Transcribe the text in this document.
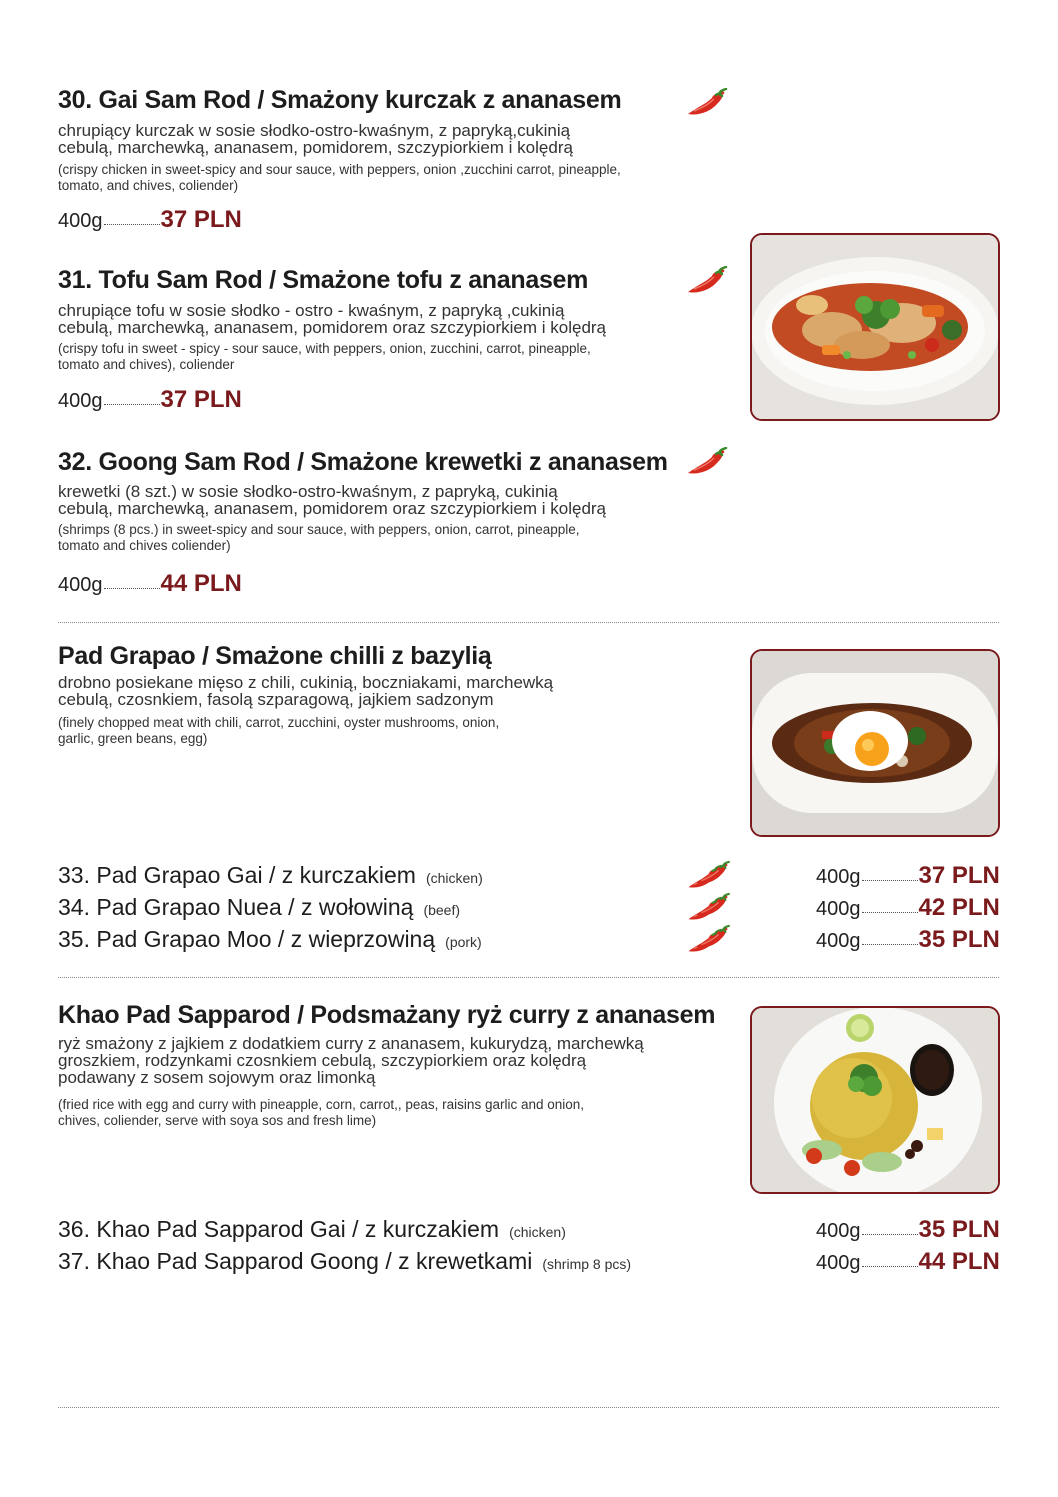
30. Gai Sam Rod / Smażony kurczak z ananasem
chrupiący kurczak w sosie słodko-ostro-kwaśnym, z papryką,cukinią
cebulą, marchewką, ananasem, pomidorem, szczypiorkiem i kolędrą
(crispy chicken in sweet-spicy and sour sauce, with peppers, onion ,zucchini carrot, pineapple,
tomato, and chives, coliender)
400g 37 PLN
31. Tofu Sam Rod / Smażone tofu z ananasem
chrupiące tofu w sosie słodko - ostro - kwaśnym, z papryką ,cukinią
cebulą, marchewką, ananasem, pomidorem oraz szczypiorkiem i kolędrą
(crispy tofu in sweet - spicy - sour sauce, with peppers, onion, zucchini, carrot, pineapple,
tomato and chives), coliender
400g 37 PLN
32. Goong Sam Rod / Smażone krewetki z ananasem
krewetki (8 szt.) w sosie słodko-ostro-kwaśnym, z papryką, cukinią
cebulą, marchewką, ananasem, pomidorem oraz szczypiorkiem i kolędrą
(shrimps (8 pcs.) in sweet-spicy and sour sauce, with peppers, onion, carrot, pineapple,
tomato and chives coliender)
400g 44 PLN
Pad Grapao / Smażone chilli z bazylią
drobno posiekane mięso z chili, cukinią, boczniakami, marchewką
cebulą, czosnkiem, fasolą szparagową, jajkiem sadzonym
(finely chopped meat with chili, carrot, zucchini, oyster mushrooms, onion,
garlic, green beans, egg)
33. Pad Grapao Gai / z kurczakiem (chicken)	400g 37 PLN
34. Pad Grapao Nuea / z wołowiną (beef)	400g 42 PLN
35. Pad Grapao Moo / z wieprzowiną (pork)	400g 35 PLN
Khao Pad Sapparod / Podsmażany ryż curry z ananasem
ryż smażony z jajkiem z dodatkiem curry z ananasem, kukurydzą, marchewką
groszkiem, rodzynkami czosnkiem cebulą, szczypiorkiem oraz kolędrą
podawany z sosem sojowym oraz limonką
(fried rice with egg and curry with pineapple, corn, carrot,, peas, raisins garlic and onion,
chives, coliender, serve with soya sos and fresh lime)
36. Khao Pad Sapparod Gai / z kurczakiem (chicken)	400g 35 PLN
37. Khao Pad Sapparod Goong / z krewetkami (shrimp 8 pcs)	400g 44 PLN
